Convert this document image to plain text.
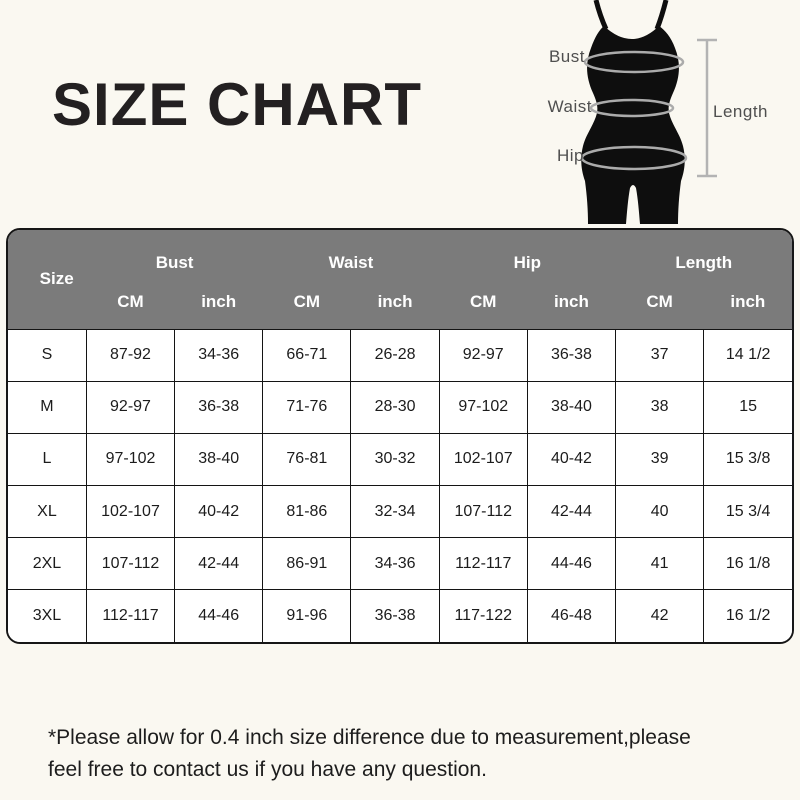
SIZE CHART
Bust
Waist
Hip
Length
Size	Bust		Waist		Hip		Length	
	CM	inch	CM	inch	CM	inch	CM	inch
S	87-92	34-36	66-71	26-28	92-97	36-38	37	14 1/2
M	92-97	36-38	71-76	28-30	97-102	38-40	38	15
L	97-102	38-40	76-81	30-32	102-107	40-42	39	15 3/8
XL	102-107	40-42	81-86	32-34	107-112	42-44	40	15 3/4
2XL	107-112	42-44	86-91	34-36	112-117	44-46	41	16 1/8
3XL	112-117	44-46	91-96	36-38	117-122	46-48	42	16 1/2
*Please allow for 0.4 inch size difference due to measurement,please
feel free to contact us if you have any question.
